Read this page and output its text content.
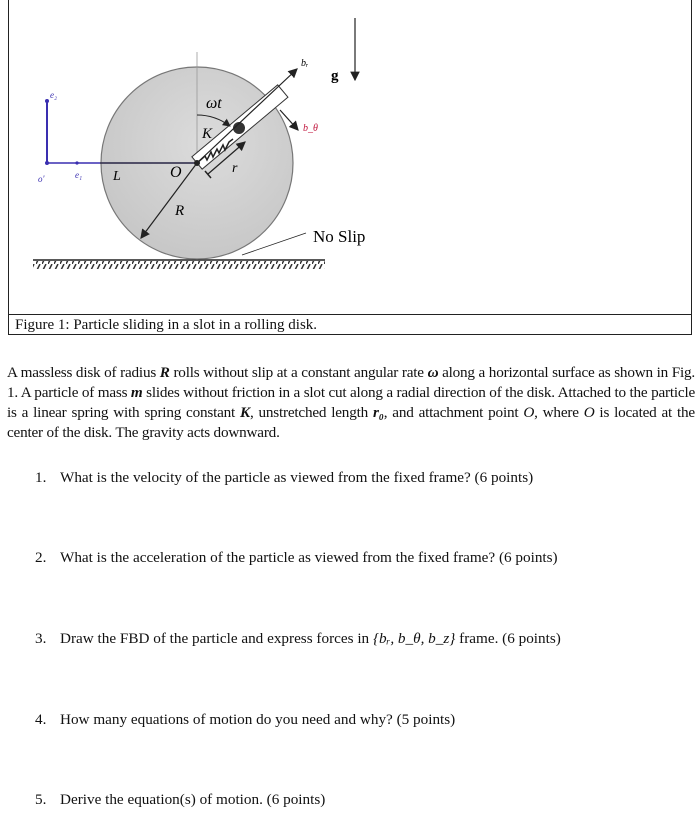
ωt
K
O	r
R
L
g
No Slip
o'
e₂
e₁
bᵣ
b_θ
Figure 1: Particle sliding in a slot in a rolling disk.
A massless disk of radius R rolls without slip at a constant angular rate ω along a horizontal surface as shown in Fig. 1. A particle of mass m slides without friction in a slot cut along a radial direction of the disk. Attached to the particle is a linear spring with spring constant K, unstretched length r₀, and attachment point O, where O is located at the center of the disk. The gravity acts downward.
1. What is the velocity of the particle as viewed from the fixed frame? (6 points)
2. What is the acceleration of the particle as viewed from the fixed frame? (6 points)
3. Draw the FBD of the particle and express forces in {bᵣ, b_θ, b_z} frame. (6 points)
4. How many equations of motion do you need and why? (5 points)
5. Derive the equation(s) of motion. (6 points)
